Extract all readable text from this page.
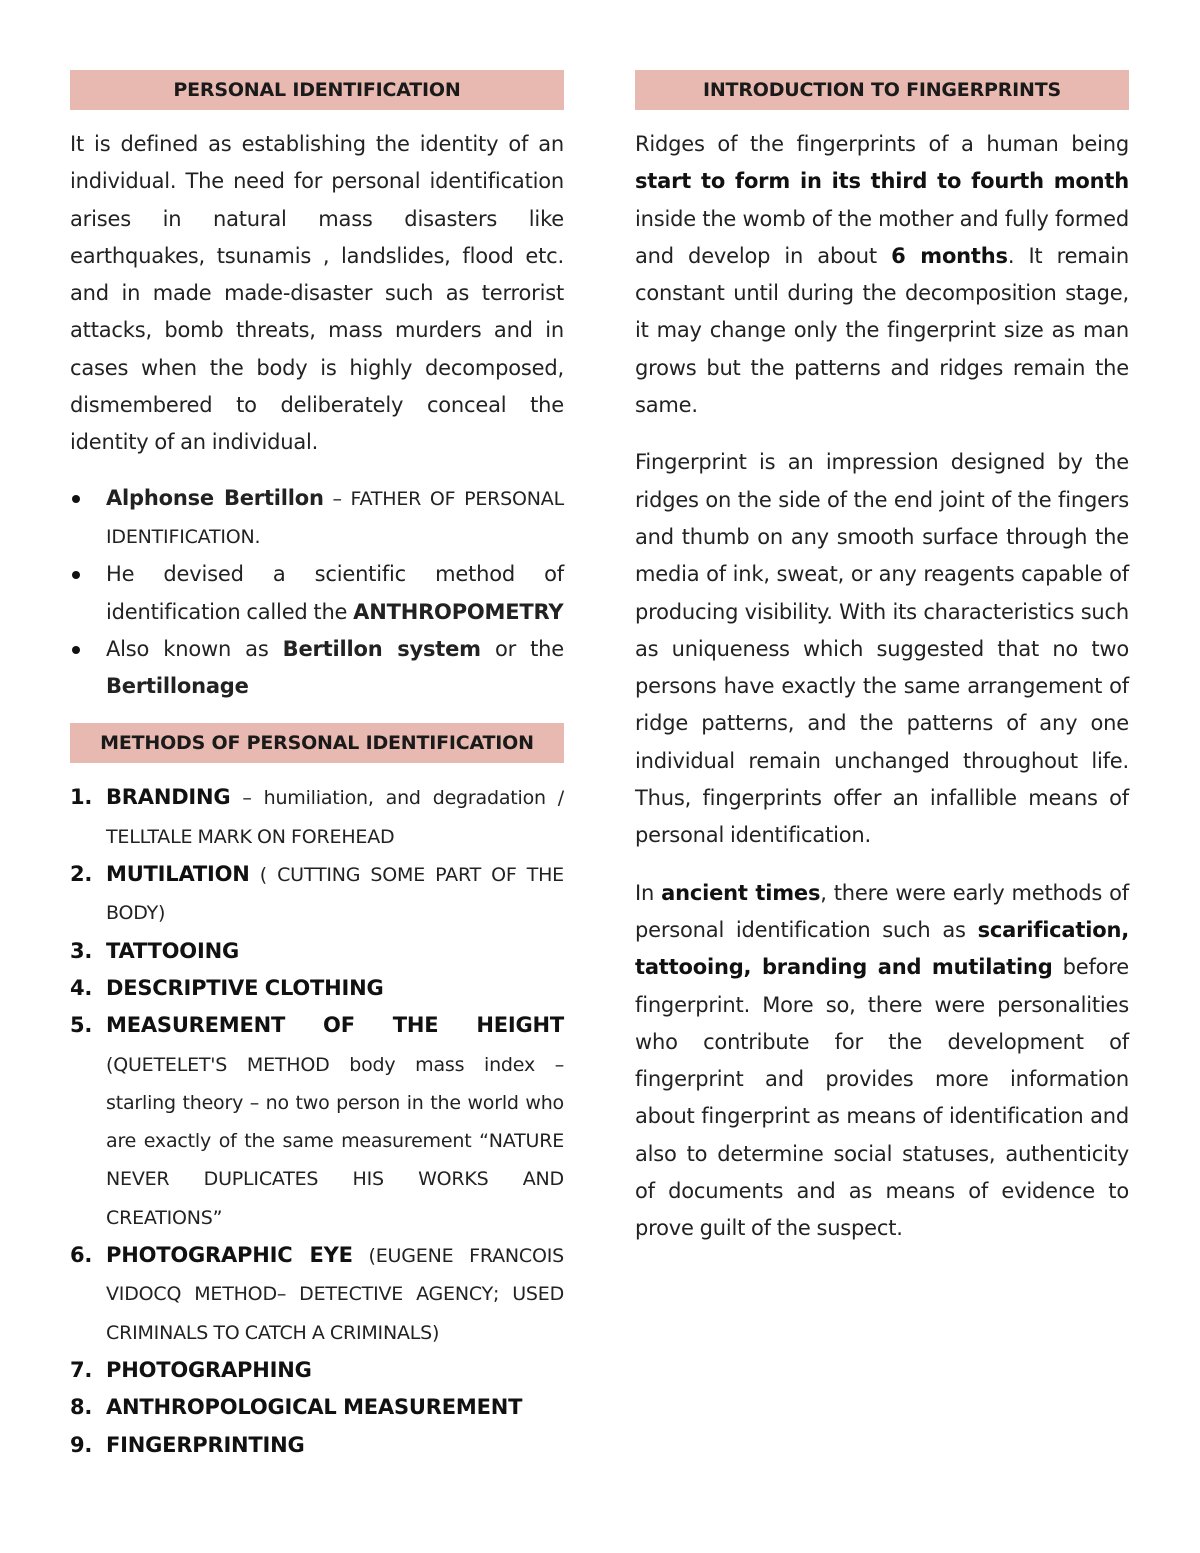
PERSONAL IDENTIFICATION

It is defined as establishing the identity of an individual. The need for personal identification arises in natural mass disasters like earthquakes, tsunamis , landslides, flood etc. and in made made-disaster such as terrorist attacks, bomb threats, mass murders and in cases when the body is highly decomposed, dismembered to deliberately conceal the identity of an individual.

Alphonse Bertillon – FATHER OF PERSONAL IDENTIFICATION.
He devised a scientific method of identification called the ANTHROPOMETRY
Also known as Bertillon system or the Bertillonage
METHODS OF PERSONAL IDENTIFICATION
1. BRANDING – humiliation, and degradation / TELLTALE MARK ON FOREHEAD
2. MUTILATION ( CUTTING SOME PART OF THE BODY)
3. TATTOOING
4. DESCRIPTIVE CLOTHING
5. MEASUREMENT OF THE HEIGHT (QUETELET'S METHOD body mass index – starling theory – no two person in the world who are exactly of the same measurement “NATURE NEVER DUPLICATES HIS WORKS AND CREATIONS”
6. PHOTOGRAPHIC EYE (EUGENE FRANCOIS VIDOCQ METHOD– DETECTIVE AGENCY; USED CRIMINALS TO CATCH A CRIMINALS)
7. PHOTOGRAPHING
8. ANTHROPOLOGICAL MEASUREMENT
9. FINGERPRINTING
INTRODUCTION TO FINGERPRINTS

Ridges of the fingerprints of a human being start to form in its third to fourth month inside the womb of the mother and fully formed and develop in about 6 months. It remain constant until during the decomposition stage, it may change only the fingerprint size as man grows but the patterns and ridges remain the same.

Fingerprint is an impression designed by the ridges on the side of the end joint of the fingers and thumb on any smooth surface through the media of ink, sweat, or any reagents capable of producing visibility. With its characteristics such as uniqueness which suggested that no two persons have exactly the same arrangement of ridge patterns, and the patterns of any one individual remain unchanged throughout life. Thus, fingerprints offer an infallible means of personal identification.

In ancient times, there were early methods of personal identification such as scarification, tattooing, branding and mutilating before fingerprint. More so, there were personalities who contribute for the development of fingerprint and provides more information about fingerprint as means of identification and also to determine social statuses, authenticity of documents and as means of evidence to prove guilt of the suspect.
